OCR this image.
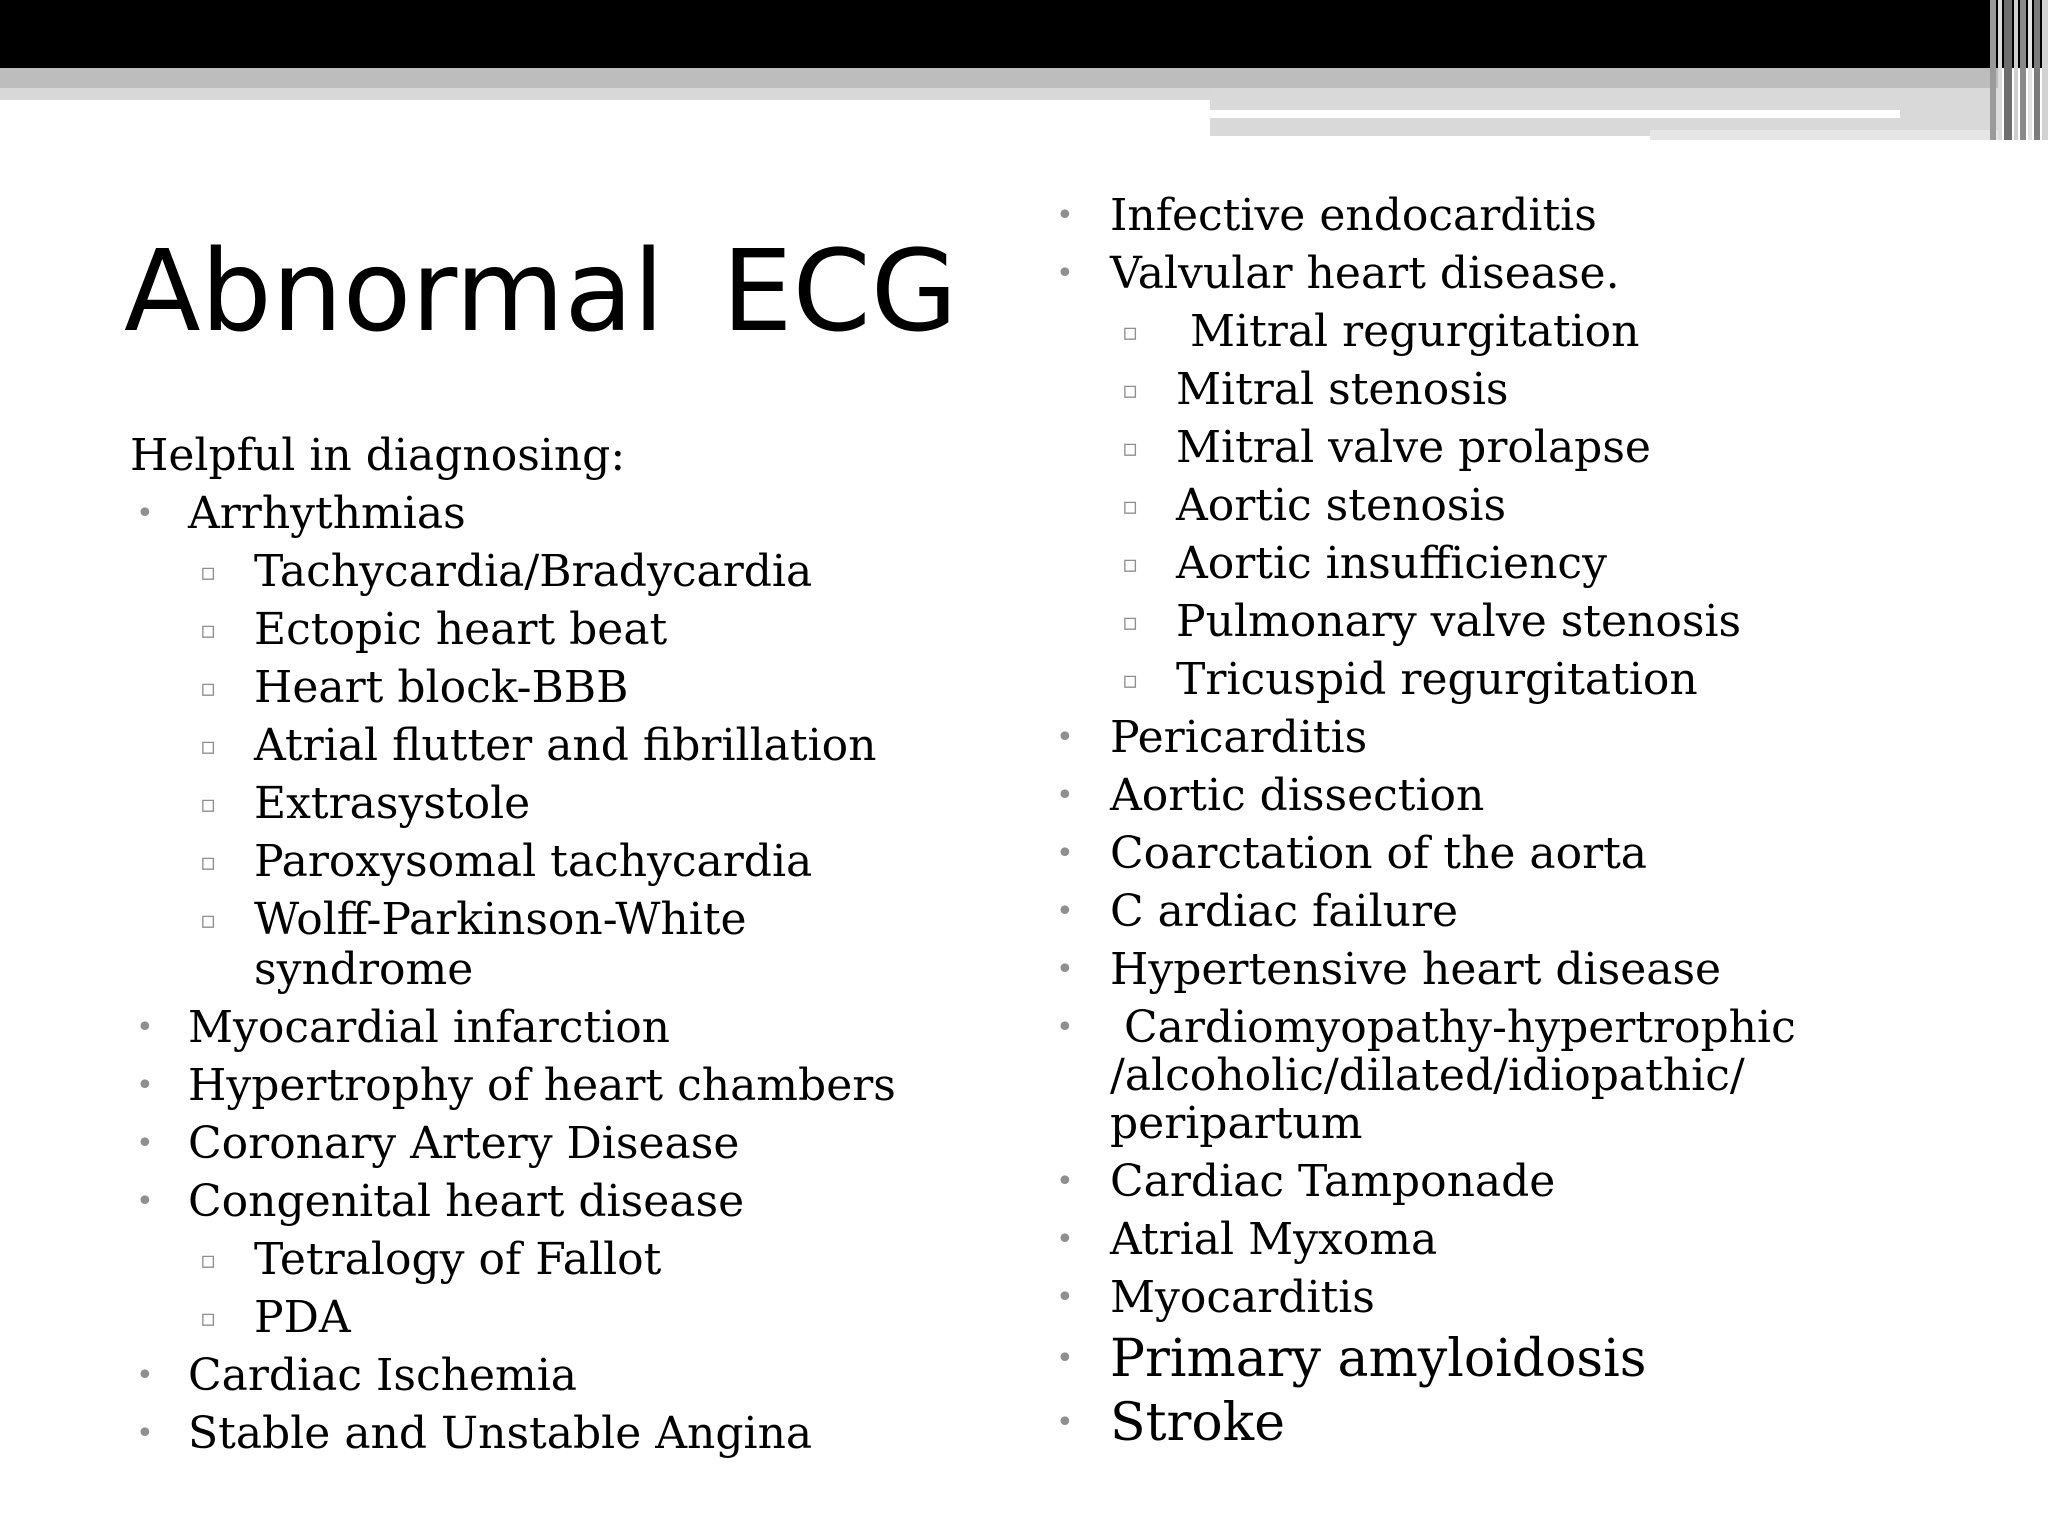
Abnormal ECG
Helpful in diagnosing:
• Arrhythmias
▫ Tachycardia/Bradycardia
▫ Ectopic heart beat
▫ Heart block-BBB
▫ Atrial flutter and fibrillation
▫ Extrasystole
▫ Paroxysomal tachycardia
▫ Wolff-Parkinson-White syndrome
• Myocardial infarction
• Hypertrophy of heart chambers
• Coronary Artery Disease
• Congenital heart disease
▫ Tetralogy of Fallot
▫ PDA
• Cardiac Ischemia
• Stable and Unstable Angina
• Infective endocarditis
• Valvular heart disease.
▫ Mitral regurgitation
▫ Mitral stenosis
▫ Mitral valve prolapse
▫ Aortic stenosis
▫ Aortic insufficiency
▫ Pulmonary valve stenosis
▫ Tricuspid regurgitation
• Pericarditis
• Aortic dissection
• Coarctation of the aorta
• C ardiac failure
• Hypertensive heart disease
• Cardiomyopathy-hypertrophic /alcoholic/dilated/idiopathic/ peripartum
• Cardiac Tamponade
• Atrial Myxoma
• Myocarditis
• Primary amyloidosis
• Stroke
